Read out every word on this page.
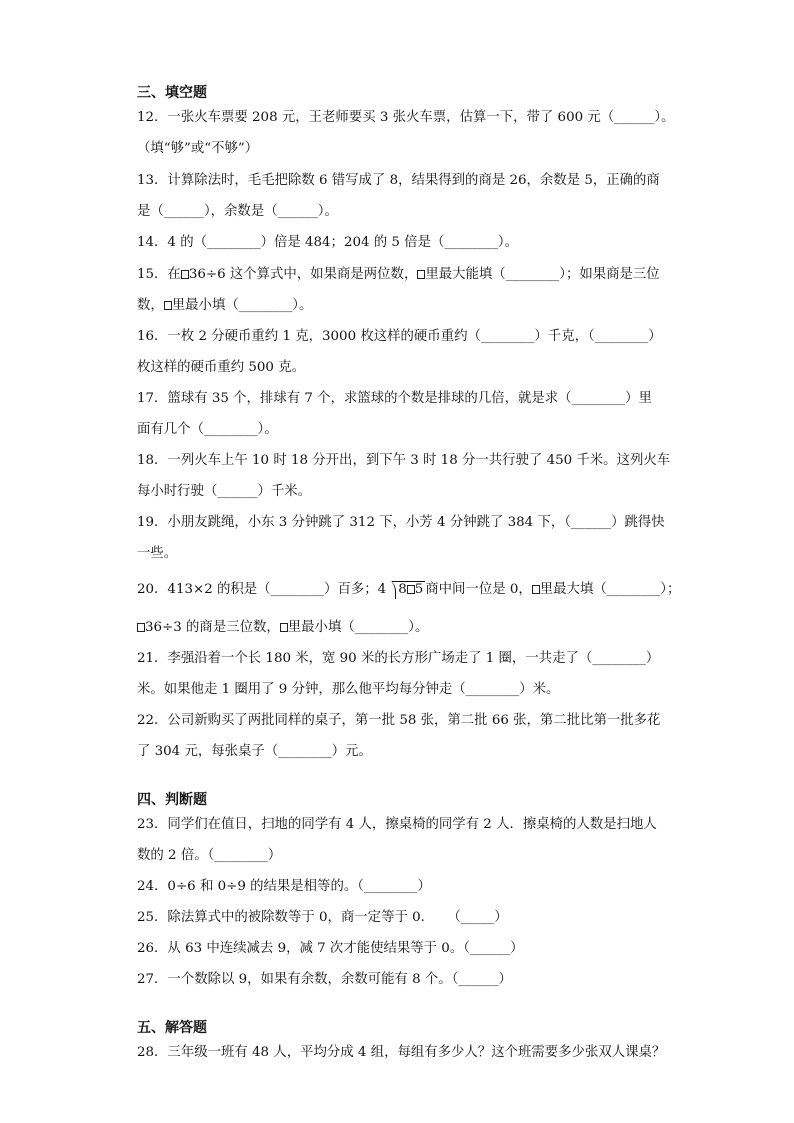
三、填空题
12．一张火车票要 208 元，王老师要买 3 张火车票，估算一下，带了 600 元（______）。
（填“够”或“不够”）
13．计算除法时，毛毛把除数 6 错写成了 8，结果得到的商是 26，余数是 5，正确的商
是（______），余数是（______）。
14．4 的（________）倍是 484；204 的 5 倍是（________）。
15．在 36÷6 这个算式中，如果商是两位数， 里最大能填（________）；如果商是三位
数， 里最小填（________）。
16．一枚 2 分硬币重约 1 克，3000 枚这样的硬币重约（________）千克，（________）
枚这样的硬币重约 500 克。
17．篮球有 35 个，排球有 7 个，求篮球的个数是排球的几倍，就是求（________）里
面有几个（________）。
18．一列火车上午 10 时 18 分开出，到下午 3 时 18 分一共行驶了 450 千米。这列火车
每小时行驶（______）千米。
19．小朋友跳绳，小东 3 分钟跳了 312 下，小芳 4 分钟跳了 384 下，（______）跳得快
一些。
20．413×2 的积是（________）百多；4 8 5 商中间一位是 0， 里最大填（________）；
36÷3 的商是三位数， 里最小填（________）。
21．李强沿着一个长 180 米，宽 90 米的长方形广场走了 1 圈，一共走了（________）
米。如果他走 1 圈用了 9 分钟，那么他平均每分钟走（________）米。
22．公司新购买了两批同样的桌子，第一批 58 张，第二批 66 张，第二批比第一批多花
了 304 元，每张桌子（________）元。
四、判断题
23．同学们在值日，扫地的同学有 4 人，擦桌椅的同学有 2 人．擦桌椅的人数是扫地人
数的 2 倍。（________）
24．0÷6 和 0÷9 的结果是相等的。（________）
25．除法算式中的被除数等于 0，商一定等于 0．　　（_____）
26．从 63 中连续减去 9，减 7 次才能使结果等于 0。（______）
27．一个数除以 9，如果有余数，余数可能有 8 个。（______）
五、解答题
28．三年级一班有 48 人，平均分成 4 组，每组有多少人？这个班需要多少张双人课桌？
